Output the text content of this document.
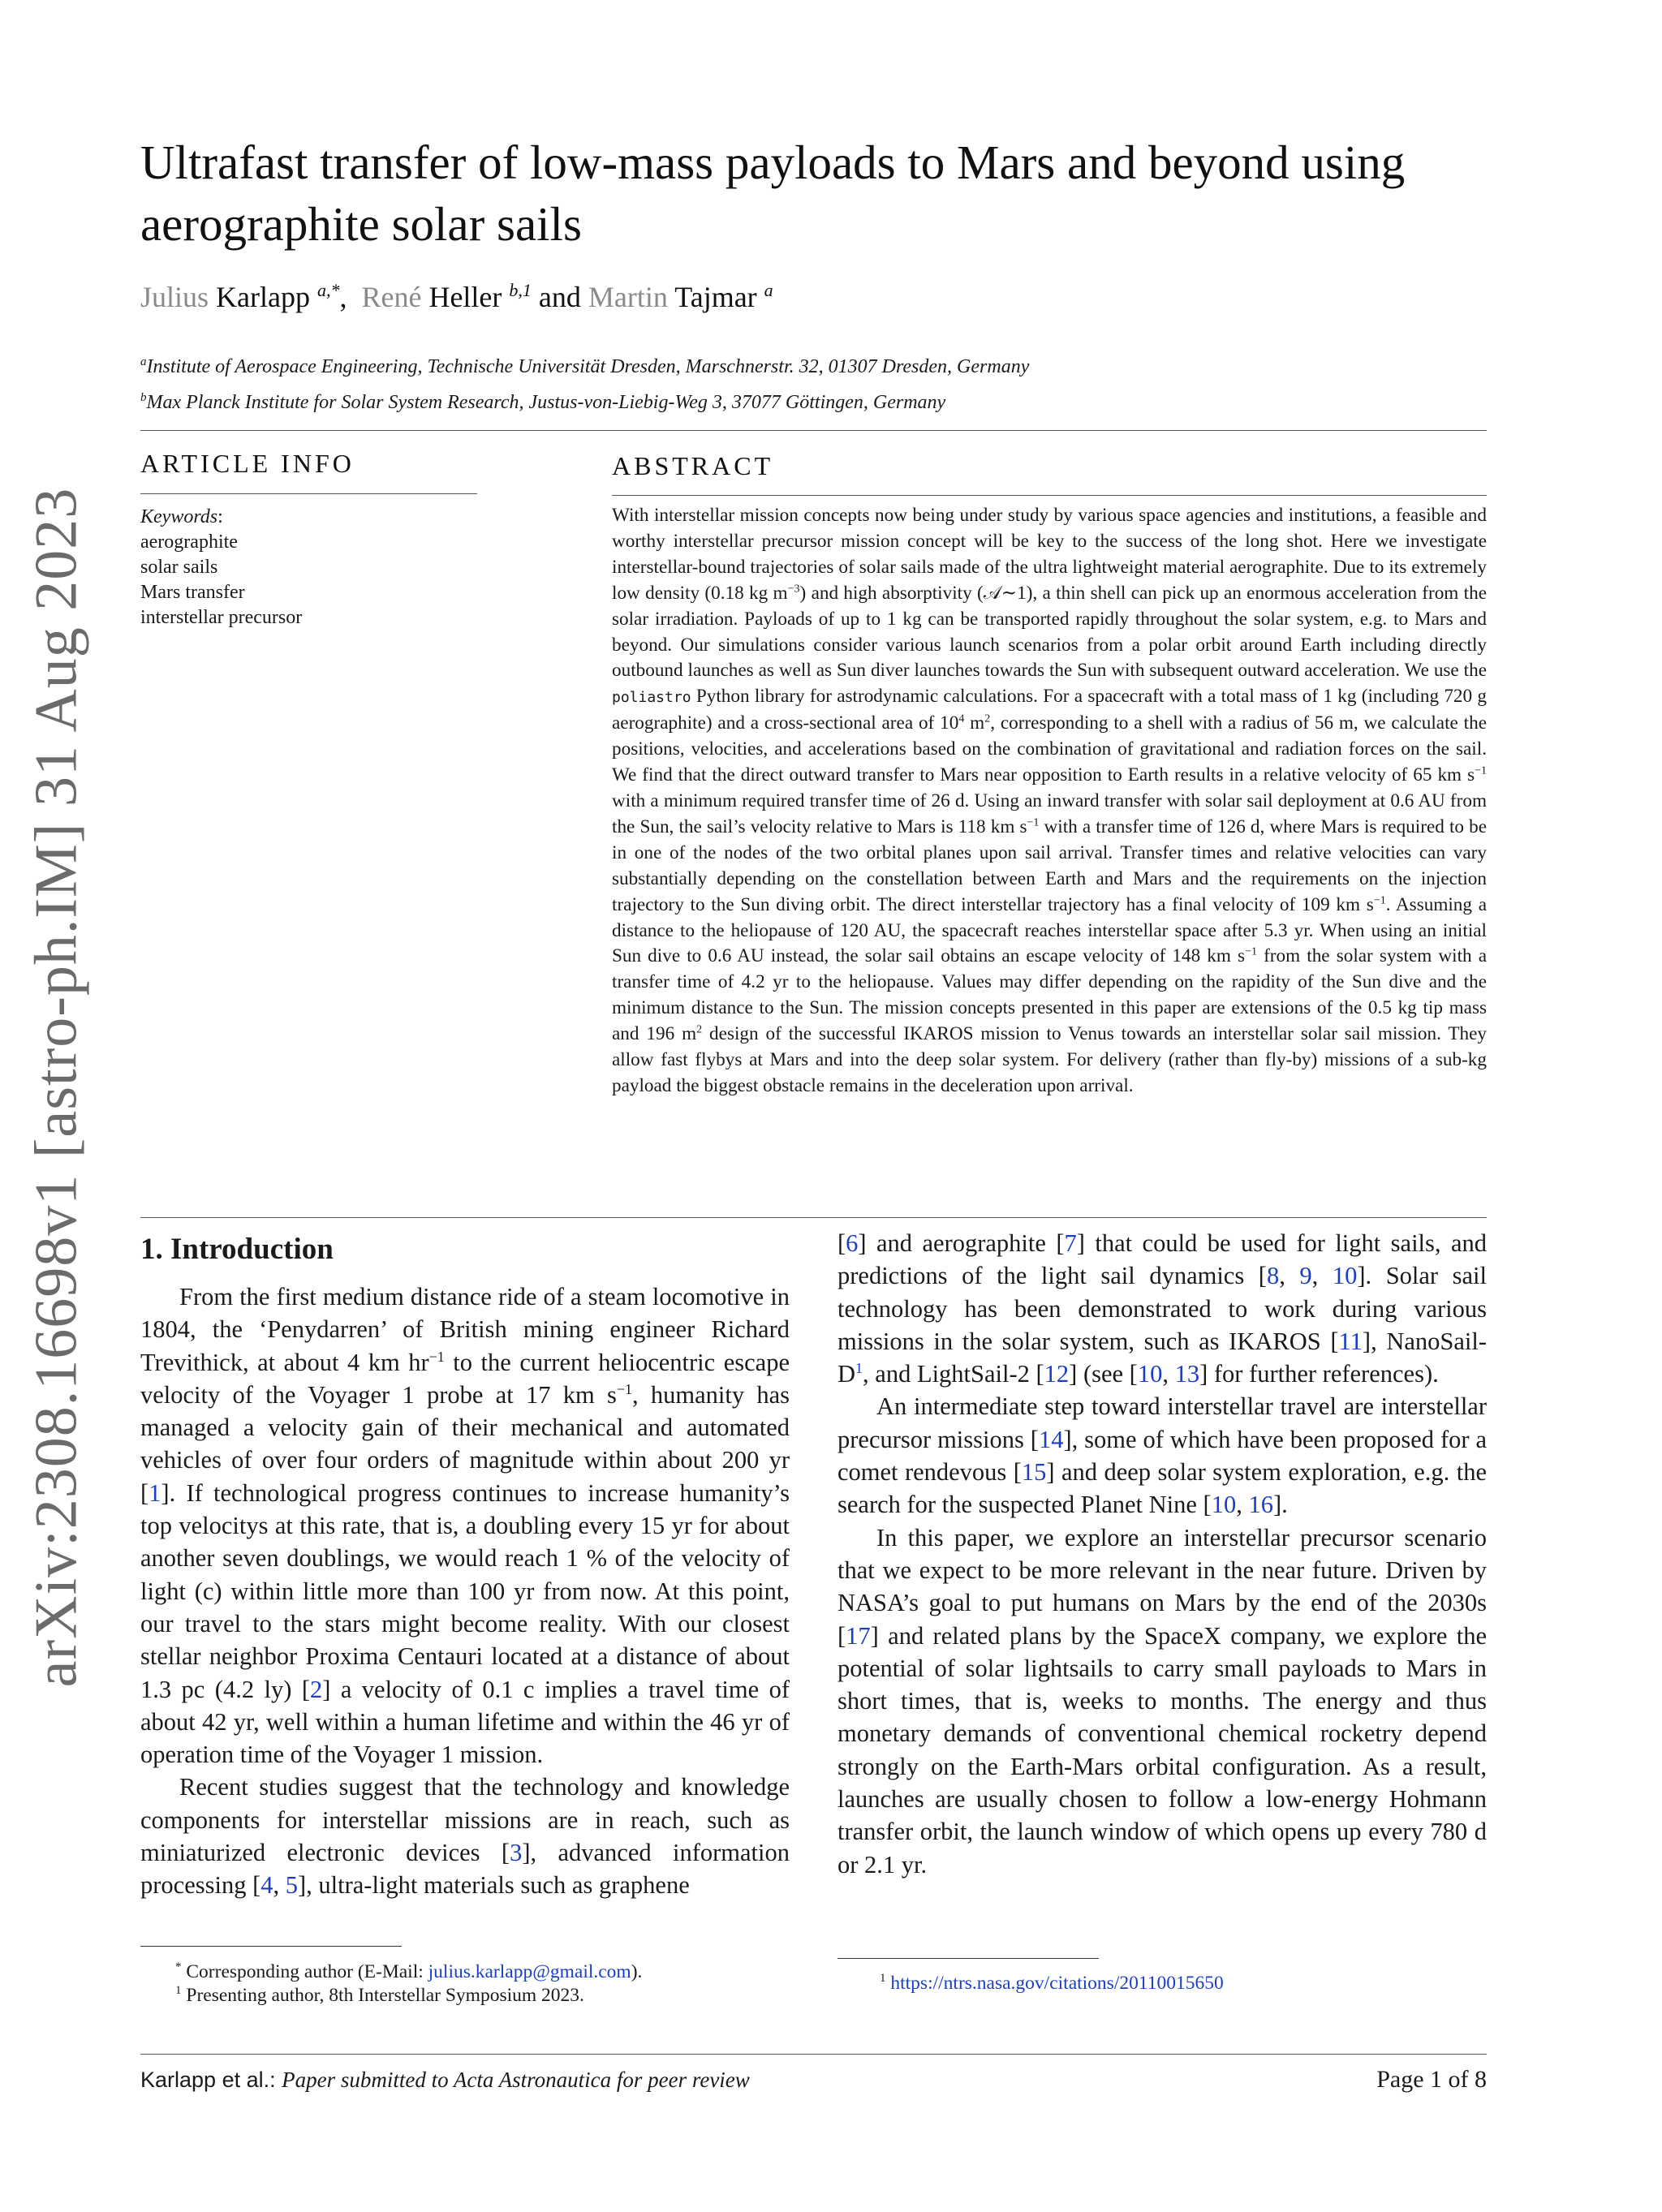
arXiv:2308.16698v1 [astro-ph.IM] 31 Aug 2023
Ultrafast transfer of low-mass payloads to Mars and beyond using aerographite solar sails
Julius Karlapp $^{a,*}$,  René Heller $^{b,1}$ and Martin Tajmar $^a$
$^a$Institute of Aerospace Engineering, Technische Universität Dresden, Marschnerstr. 32, 01307 Dresden, Germany
$^b$Max Planck Institute for Solar System Research, Justus-von-Liebig-Weg 3, 37077 Göttingen, Germany
ARTICLE INFO
Keywords:
aerographite
solar sails
Mars transfer
interstellar precursor
ABSTRACT
With interstellar mission concepts now being under study by various space agencies and institutions, a feasible and worthy interstellar precursor mission concept will be key to the success of the long shot. Here we investigate interstellar-bound trajectories of solar sails made of the ultra lightweight material aerographite. Due to its extremely low density (0.18 kg $m^{-3}$) and high absorptivity (𝒜∼1), a thin shell can pick up an enormous acceleration from the solar irradiation. Payloads of up to 1 kg can be transported rapidly throughout the solar system, e.g. to Mars and beyond. Our simulations consider various launch scenarios from a polar orbit around Earth including directly outbound launches as well as Sun diver launches towards the Sun with subsequent outward acceleration. We use the poliastro Python library for astrodynamic calculations. For a spacecraft with a total mass of 1 kg (including 720 g aerographite) and a cross-sectional area of $10^4$ $m^2$, corresponding to a shell with a radius of 56 m, we calculate the positions, velocities, and accelerations based on the combination of gravitational and radiation forces on the sail. We find that the direct outward transfer to Mars near opposition to Earth results in a relative velocity of 65 km $s^{-1}$ with a minimum required transfer time of 26 d. Using an inward transfer with solar sail deployment at 0.6 AU from the Sun, the sail’s velocity relative to Mars is 118 km $s^{-1}$ with a transfer time of 126 d, where Mars is required to be in one of the nodes of the two orbital planes upon sail arrival. Transfer times and relative velocities can vary substantially depending on the constellation between Earth and Mars and the requirements on the injection trajectory to the Sun diving orbit. The direct interstellar trajectory has a final velocity of 109 km $s^{-1}$. Assuming a distance to the heliopause of 120 AU, the spacecraft reaches interstellar space after 5.3 yr. When using an initial Sun dive to 0.6 AU instead, the solar sail obtains an escape velocity of 148 km $s^{-1}$ from the solar system with a transfer time of 4.2 yr to the heliopause. Values may differ depending on the rapidity of the Sun dive and the minimum distance to the Sun. The mission concepts presented in this paper are extensions of the 0.5 kg tip mass and 196 $m^2$ design of the successful IKAROS mission to Venus towards an interstellar solar sail mission. They allow fast flybys at Mars and into the deep solar system. For delivery (rather than fly-by) missions of a sub-kg payload the biggest obstacle remains in the deceleration upon arrival.
1. Introduction

From the first medium distance ride of a steam locomotive in 1804, the ‘Penydarren’ of British mining engineer Richard Trevithick, at about 4 km $hr^{-1}$ to the current heliocentric escape velocity of the Voyager 1 probe at 17 km $s^{-1}$, humanity has managed a velocity gain of their mechanical and automated vehicles of over four orders of magnitude within about 200 yr [1]. If technological progress continues to increase humanity’s top velocitys at this rate, that is, a doubling every 15 yr for about another seven doublings, we would reach 1 % of the velocity of light (c) within little more than 100 yr from now. At this point, our travel to the stars might become reality. With our closest stellar neighbor Proxima Centauri located at a distance of about 1.3 pc (4.2 ly) [2] a velocity of 0.1 c implies a travel time of about 42 yr, well within a human lifetime and within the 46 yr of operation time of the Voyager 1 mission.

Recent studies suggest that the technology and knowledge components for interstellar missions are in reach, such as miniaturized electronic devices [3], advanced information processing [4, 5], ultra-light materials such as graphene

[6] and aerographite [7] that could be used for light sails, and predictions of the light sail dynamics [8, 9, 10]. Solar sail technology has been demonstrated to work during various missions in the solar system, such as IKAROS [11], NanoSail-D$^1$, and LightSail-2 [12] (see [10, 13] for further references).

An intermediate step toward interstellar travel are interstellar precursor missions [14], some of which have been proposed for a comet rendevous [15] and deep solar system exploration, e.g. the search for the suspected Planet Nine [10, 16].

In this paper, we explore an interstellar precursor scenario that we expect to be more relevant in the near future. Driven by NASA’s goal to put humans on Mars by the end of the 2030s [17] and related plans by the SpaceX company, we explore the potential of solar lightsails to carry small payloads to Mars in short times, that is, weeks to months. The energy and thus monetary demands of conventional chemical rocketry depend strongly on the Earth-Mars orbital configuration. As a result, launches are usually chosen to follow a low-energy Hohmann transfer orbit, the launch window of which opens up every 780 d or 2.1 yr.

* Corresponding author (E-Mail: julius.karlapp@gmail.com).
$^1$ Presenting author, 8th Interstellar Symposium 2023.
$^1$ https://ntrs.nasa.gov/citations/20110015650
Karlapp et al.: Paper submitted to Acta Astronautica for peer review	Page 1 of 8
